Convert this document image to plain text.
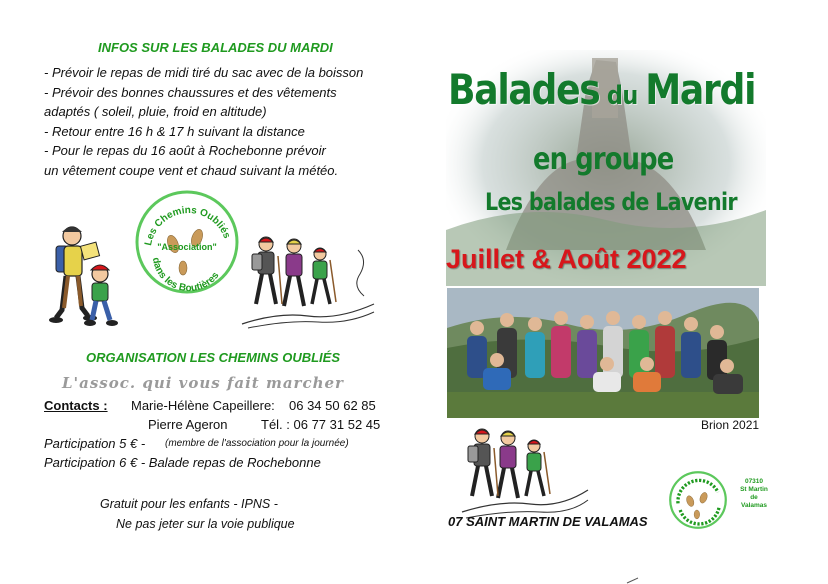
INFOS SUR LES BALADES DU MARDI
- Prévoir le repas de midi tiré du sac avec de la boisson
- Prévoir des bonnes chaussures et des vêtements
adaptés ( soleil, pluie, froid en altitude)
- Retour entre 16 h & 17 h suivant la distance
- Pour le repas du 16 août à Rochebonne prévoir
un vêtement coupe vent et chaud suivant la météo.
Les Chemins Oubliés
"Association"
dans les Boutières
ORGANISATION LES CHEMINS OUBLIÉS
L'assoc. qui vous fait marcher
Contacts : Marie-Hélène Capeillere: 06 34 50 62 85
Pierre Ageron	Tél. : 06 77 31 52 45
Participation 5 € - (membre de l'association pour la journée)
Participation 6 € - Balade repas de Rochebonne
Gratuit pour les enfants - IPNS -
Ne pas jeter sur la voie publique
Balades du Mardi
en groupe
Les balades de Lavenir
Juillet & Août 2022
Brion 2021
07 SAINT MARTIN DE VALAMAS
07310
St Martin
de
Valamas
